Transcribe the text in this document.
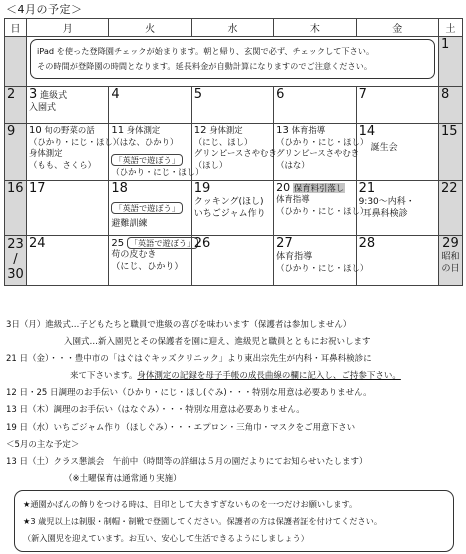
＜4月の予定＞
日	月	火	水	木	金	土

	iPad を使った登降園チェックが始まります。朝と帰り、玄関で必ず、チェックして下さい。

その時間が登降園の時間となります。延長料金が自動計算になりますのでご注意ください。					1

2	3 進級式
入園式	4	5	6	7	8

9	10 旬の野菜の話
（ひかり・にじ・ほし）
身体測定
（もも、さくら）	11 身体測定
（はな、ひかり）
「英語で遊ぼう」
（ひかり・にじ・ほし）	12 身体測定
（にじ、ほし）
グリンピースさやむき
（ほし）	13 体育指導
（ひかり・にじ・ほし）
グリンピースさやむき
（はな）	14
誕生会	15

16	17	18
「英語で遊ぼう」
避難訓練	19
クッキング(ほし)
いちごジャム作り	20 保育料引落し
体育指導
（ひかり・にじ・ほし）	21
9:30～内科・
耳鼻科検診	22

23
/
30	24	25 「英語で遊ぼう」
苟の皮むき
（にじ、ひかり）	26	27
体育指導
（ひかり・にじ・ほし）	28	29
昭和
の日

3日（月）進級式…子どもたちと職員で進級の喜びを味わいます（保護者は参加しません）

入園式…新入園児とその保護者を園に迎え、進級児と職員とともにお祝いします

21 日（金）・・・豊中市の「はぐはぐキッズクリニック」より東出宗先生が内科・耳鼻科検診に

来て下さいます。身体測定の記録を母子手帳の成長曲線の欄に記入し、ご持参下さい。

12 日・25 日調理のお手伝い（ひかり・にじ・ほし(ぐみ)・・・特別な用意は必要ありません。

13 日（木）調理のお手伝い（はなぐみ）・・・特別な用意は必要ありません。

19 日（水）いちごジャム作り（ほしぐみ）・・・エプロン・三角巾・マスクをご用意下さい

＜5月の主な予定＞

13 日（土）クラス懇談会　午前中（時間等の詳細は５月の園だよりにてお知らせいたします）

（※土曜保育は通常通り実施）

★通園かばんの飾りをつける時は、目印として大きすぎないものを一つだけお願いします。

★3 歳児以上は制服・制帽・制靴で登園してください。保護者の方は保護者証を付けてください。

（新入園児を迎えています。お互い、安心して生活できるようにしましょう）
